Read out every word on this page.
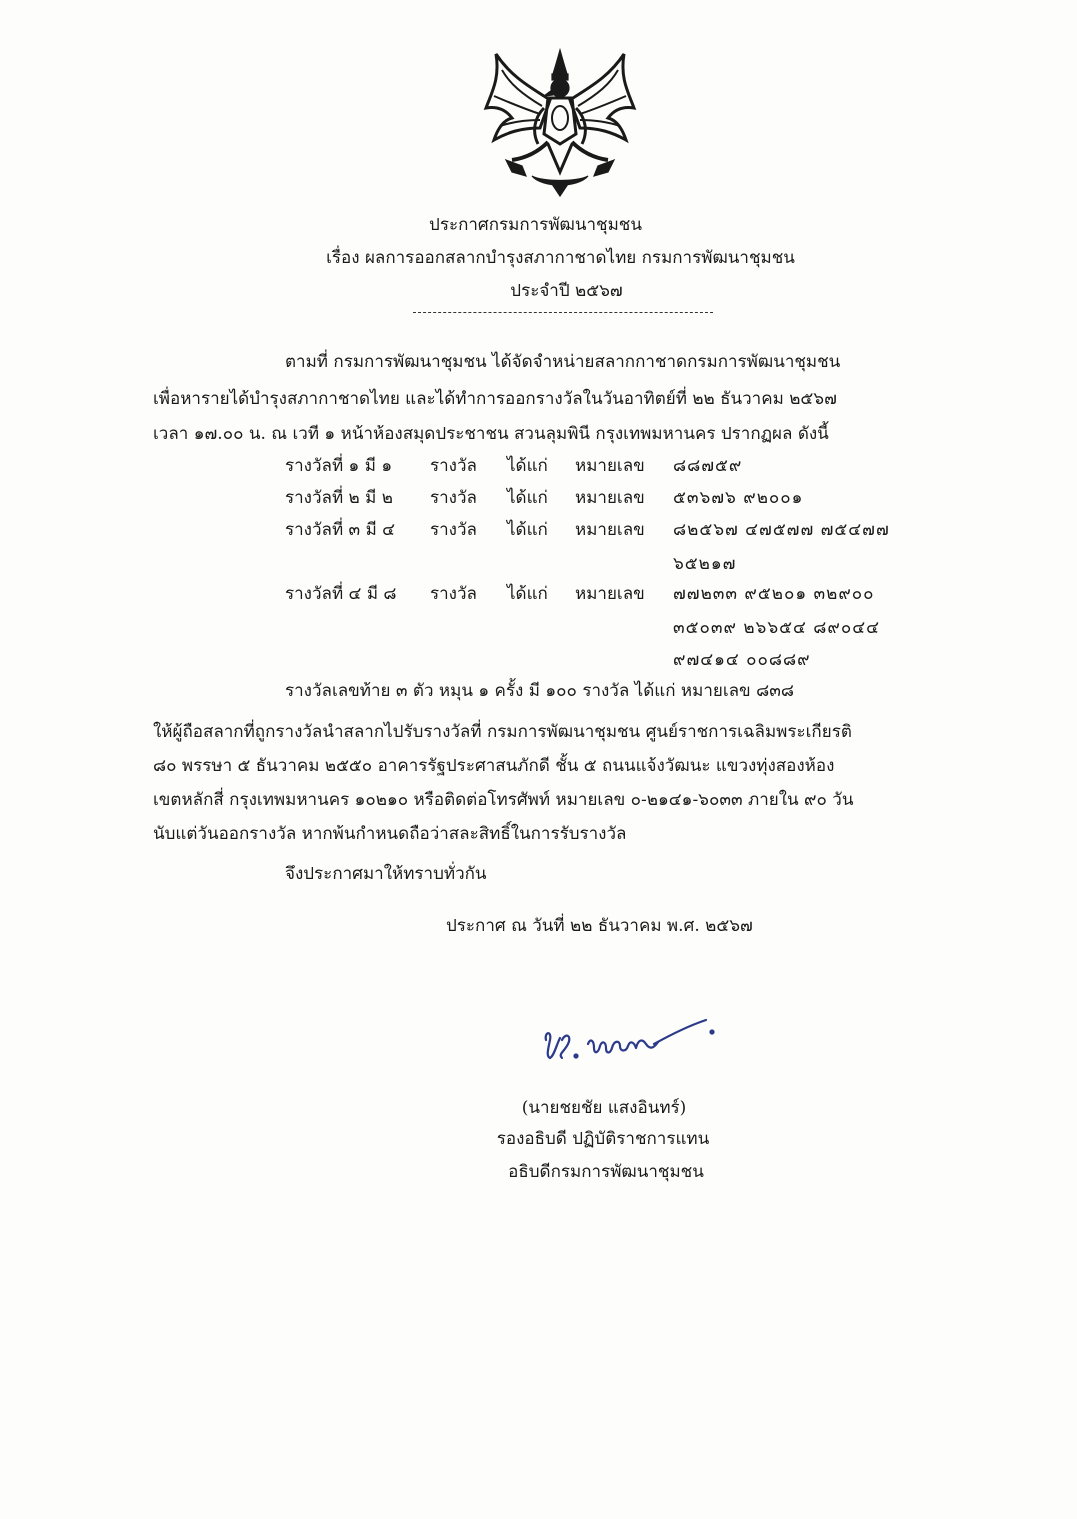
ประกาศกรมการพัฒนาชุมชน
เรื่อง ผลการออกสลากบำรุงสภากาชาดไทย กรมการพัฒนาชุมชน
ประจำปี ๒๕๖๗
ตามที่ กรมการพัฒนาชุมชน ได้จัดจำหน่ายสลากกาชาดกรมการพัฒนาชุมชน
เพื่อหารายได้บำรุงสภากาชาดไทย และได้ทำการออกรางวัลในวันอาทิตย์ที่ ๒๒ ธันวาคม ๒๕๖๗
เวลา ๑๗.๐๐ น. ณ เวที ๑ หน้าห้องสมุดประชาชน สวนลุมพินี กรุงเทพมหานคร ปรากฏผล ดังนี้
รางวัลที่ ๑ มี ๑ รางวัล ได้แก่ หมายเลข ๘๘๗๕๙
รางวัลที่ ๒ มี ๒ รางวัล ได้แก่ หมายเลข ๕๓๖๗๖ ๙๒๐๐๑
รางวัลที่ ๓ มี ๔ รางวัล ได้แก่ หมายเลข ๘๒๕๖๗ ๔๗๕๗๗ ๗๕๔๗๗
๖๕๒๑๗
รางวัลที่ ๔ มี ๘ รางวัล ได้แก่ หมายเลข ๗๗๒๓๓ ๙๕๒๐๑ ๓๒๙๐๐
๓๕๐๓๙ ๒๖๖๕๔ ๘๙๐๔๔
๙๗๔๑๔ ๐๐๘๘๙
รางวัลเลขท้าย ๓ ตัว หมุน ๑ ครั้ง มี ๑๐๐ รางวัล ได้แก่ หมายเลข ๘๓๘
ให้ผู้ถือสลากที่ถูกรางวัลนำสลากไปรับรางวัลที่ กรมการพัฒนาชุมชน ศูนย์ราชการเฉลิมพระเกียรติ
๘๐ พรรษา ๕ ธันวาคม ๒๕๕๐ อาคารรัฐประศาสนภักดี ชั้น ๕ ถนนแจ้งวัฒนะ แขวงทุ่งสองห้อง
เขตหลักสี่ กรุงเทพมหานคร ๑๐๒๑๐ หรือติดต่อโทรศัพท์ หมายเลข ๐-๒๑๔๑-๖๐๓๓ ภายใน ๙๐ วัน
นับแต่วันออกรางวัล หากพ้นกำหนดถือว่าสละสิทธิ์ในการรับรางวัล
จึงประกาศมาให้ทราบทั่วกัน
ประกาศ ณ วันที่ ๒๒ ธันวาคม พ.ศ. ๒๕๖๗
(นายชยชัย แสงอินทร์)
รองอธิบดี ปฏิบัติราชการแทน
อธิบดีกรมการพัฒนาชุมชน
